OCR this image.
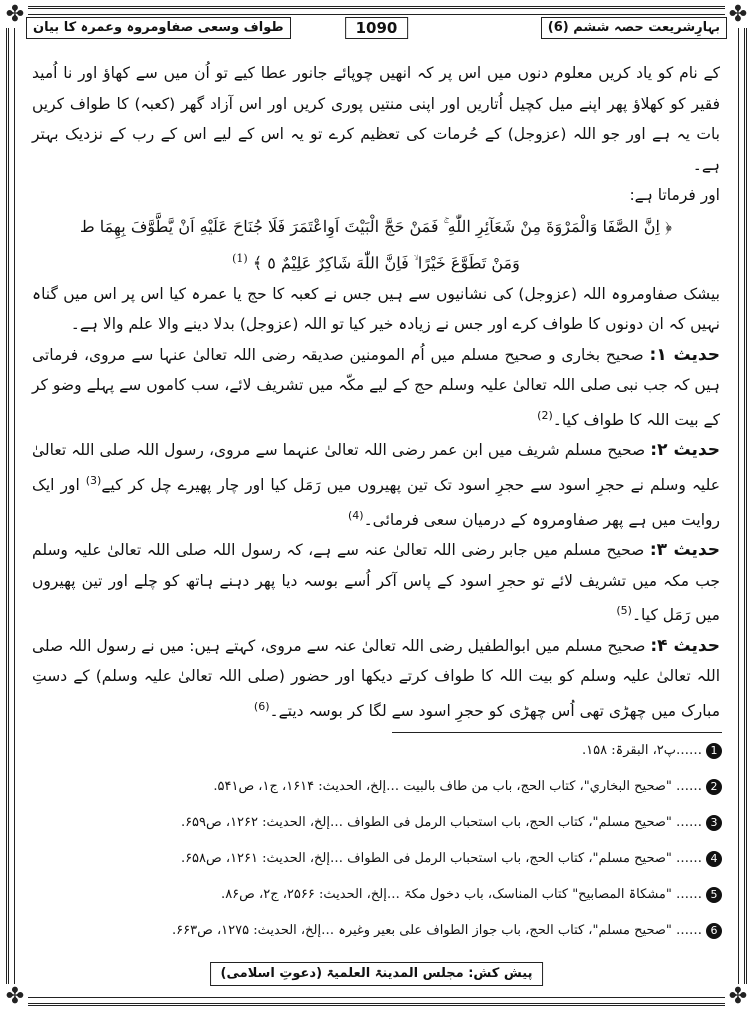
✤	✤
✤	✤
بہارِشریعت حصہ ششم (6)
1090
طواف وسعی صفاومروہ وعمرہ کا بیان

کے نام کو یاد کریں معلوم دنوں میں اس پر کہ انھیں چوپائے جانور عطا کیے تو اُن میں سے کھاؤ اور نا اُمید فقیر کو کھلاؤ پھر اپنے میل کچیل اُتاریں اور اپنی منتیں پوری کریں اور اس آزاد گھر (کعبہ) کا طواف کریں بات یہ ہے اور جو اللہ (عزوجل) کے حُرمات کی تعظیم کرے تو یہ اس کے لیے اس کے رب کے نزدیک بہتر ہے۔

اور فرماتا ہے:

﴿ اِنَّ الصَّفَا وَالْمَرْوَةَ مِنْ شَعَآئِرِ اللّٰهِ ۚ فَمَنْ حَجَّ الْبَيْتَ اَوِاعْتَمَرَ فَلَا جُنَاحَ عَلَيْهِ اَنْ يَّطَّوَّفَ بِهِمَا ط
وَمَنْ تَطَوَّعَ خَيْرًا ۙ فَاِنَّ اللّٰهَ شَاكِرٌ عَلِيْمٌ ٥ ﴾ $^{(1)}$

بیشک صفاومروہ اللہ (عزوجل) کی نشانیوں سے ہیں جس نے کعبہ کا حج یا عمرہ کیا اس پر اس میں گناہ نہیں کہ ان دونوں کا طواف کرے اور جس نے زیادہ خیر کیا تو اللہ (عزوجل) بدلا دینے والا علم والا ہے۔

حدیث ۱: صحیح بخاری و صحیح مسلم میں اُم المومنین صدیقہ رضی اللہ تعالیٰ عنہا سے مروی، فرماتی ہیں کہ جب نبی صلی اللہ تعالیٰ علیہ وسلم حج کے لیے مکّہ میں تشریف لائے، سب کاموں سے پہلے وضو کر کے بیت اللہ کا طواف کیا۔$^{(2)}$

حدیث ۲: صحیح مسلم شریف میں ابن عمر رضی اللہ تعالیٰ عنہما سے مروی، رسول اللہ صلی اللہ تعالیٰ علیہ وسلم نے حجرِ اسود سے حجرِ اسود تک تین پھیروں میں رَمَل کیا اور چار پھیرے چل کر کیے$^{(3)}$ اور ایک روایت میں ہے پھر صفاومروہ کے درمیان سعی فرمائی۔$^{(4)}$

حدیث ۳: صحیح مسلم میں جابر رضی اللہ تعالیٰ عنہ سے ہے، کہ رسول اللہ صلی اللہ تعالیٰ علیہ وسلم جب مکہ میں تشریف لائے تو حجرِ اسود کے پاس آکر اُسے بوسہ دیا پھر دہنے ہاتھ کو چلے اور تین پھیروں میں رَمَل کیا۔$^{(5)}$

حدیث ۴: صحیح مسلم میں ابوالطفیل رضی اللہ تعالیٰ عنہ سے مروی، کہتے ہیں: میں نے رسول اللہ صلی اللہ تعالیٰ علیہ وسلم کو بیت اللہ کا طواف کرتے دیکھا اور حضور (صلی اللہ تعالیٰ علیہ وسلم) کے دستِ مبارک میں چھڑی تھی اُس چھڑی کو حجرِ اسود سے لگا کر بوسہ دیتے۔$^{(6)}$

1……پ۲، البقرۃ: ۱۵۸.
2…… "صحیح البخاري"، کتاب الحج، باب من طاف بالبیت …إلخ، الحدیث: ۱۶۱۴، ج۱، ص۵۴۱.
3…… "صحیح مسلم"، کتاب الحج، باب استحباب الرمل فی الطواف …إلخ، الحدیث: ۱۲۶۲، ص۶۵۹.
4…… "صحیح مسلم"، کتاب الحج، باب استحباب الرمل فی الطواف …إلخ، الحدیث: ۱۲۶۱، ص۶۵۸.
5…… "مشکاۃ المصابیح" کتاب المناسک، باب دخول مکۃ …إلخ، الحدیث: ۲۵۶۶، ج۲، ص۸۶.
6…… "صحیح مسلم"، کتاب الحج، باب جواز الطواف علی بعیر وغیرہ …إلخ، الحدیث: ۱۲۷۵، ص۶۶۳.
پیش کش: مجلس المدینۃ العلمیۃ (دعوتِ اسلامی)
